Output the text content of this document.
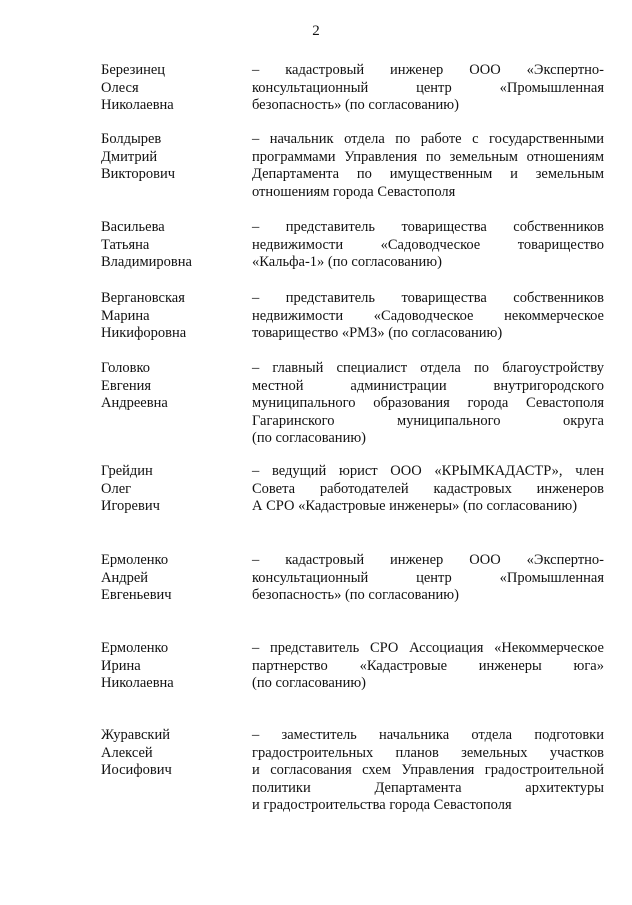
2
Березинец
Олеся
Николаевна
– кадастровый инженер ООО «Экспертно-
консультационный центр «Промышленная
безопасность» (по согласованию)
Болдырев
Дмитрий
Викторович
– начальник отдела по работе с государственными
программами Управления по земельным отношениям
Департамента по имущественным и земельным
отношениям города Севастополя
Васильева
Татьяна
Владимировна
– представитель товарищества собственников
недвижимости «Садоводческое товарищество
«Кальфа-1» (по согласованию)
Вергановская
Марина
Никифоровна
– представитель товарищества собственников
недвижимости «Садоводческое некоммерческое
товарищество «РМЗ» (по согласованию)
Головко
Евгения
Андреевна
– главный специалист отдела по благоустройству
местной администрации внутригородского
муниципального образования города Севастополя
Гагаринского муниципального округа
(по согласованию)
Грейдин
Олег
Игоревич
– ведущий юрист ООО «КРЫМКАДАСТР», член
Совета работодателей кадастровых инженеров
А СРО «Кадастровые инженеры» (по согласованию)
Ермоленко
Андрей
Евгеньевич
– кадастровый инженер ООО «Экспертно-
консультационный центр «Промышленная
безопасность» (по согласованию)
Ермоленко
Ирина
Николаевна
– представитель СРО Ассоциация «Некоммерческое
партнерство «Кадастровые инженеры юга»
(по согласованию)
Журавский
Алексей
Иосифович
– заместитель начальника отдела подготовки
градостроительных планов земельных участков
и согласования схем Управления градостроительной
политики Департамента архитектуры
и градостроительства города Севастополя
